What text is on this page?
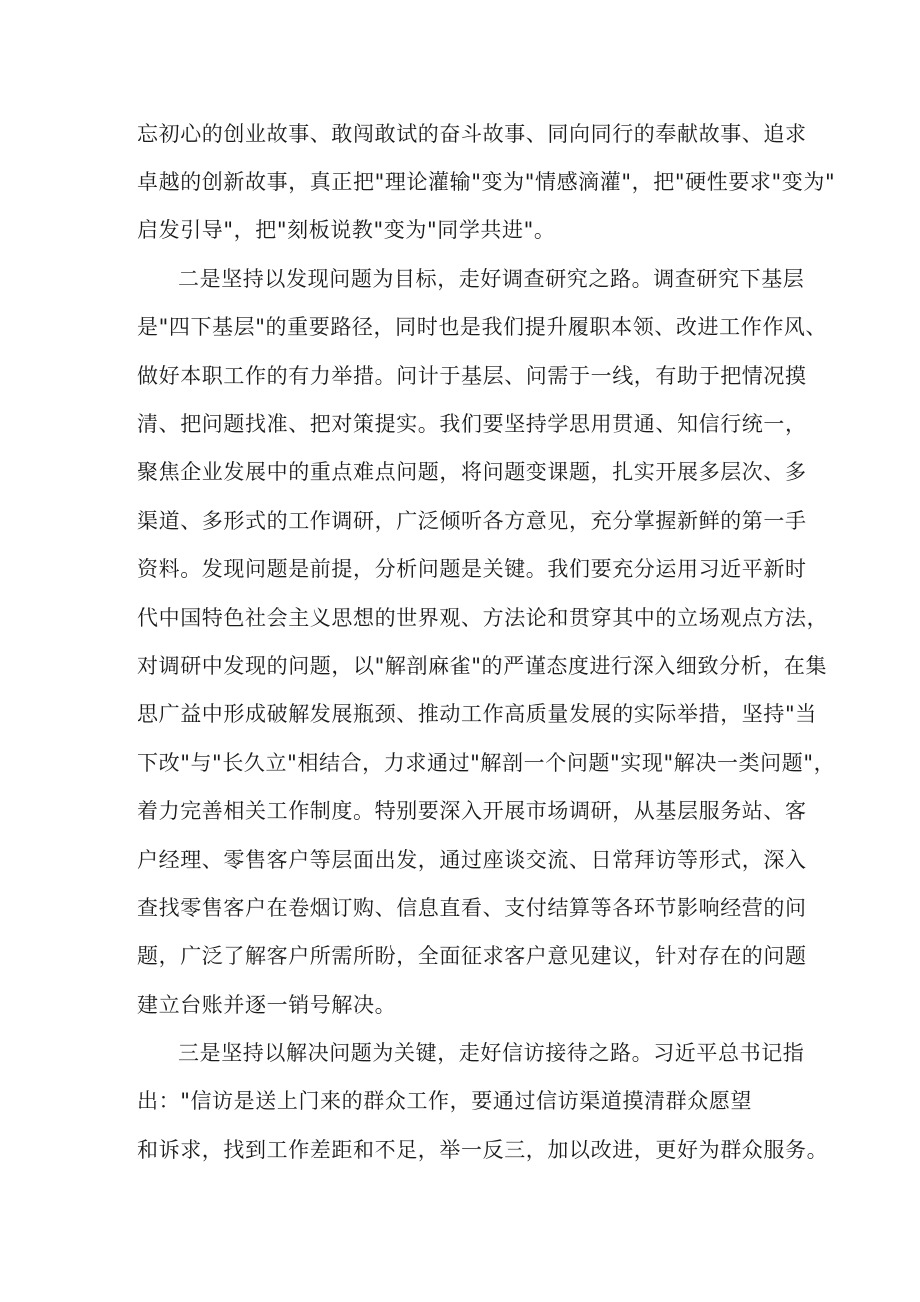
忘初心的创业故事、敢闯敢试的奋斗故事、同向同行的奉献故事、追求
卓越的创新故事，真正把"理论灌输"变为"情感滴灌"，把"硬性要求"变为"
启发引导"，把"刻板说教"变为"同学共进"。
二是坚持以发现问题为目标，走好调查研究之路。调查研究下基层
是"四下基层"的重要路径，同时也是我们提升履职本领、改进工作作风、
做好本职工作的有力举措。问计于基层、问需于一线，有助于把情况摸
清、把问题找准、把对策提实。我们要坚持学思用贯通、知信行统一，
聚焦企业发展中的重点难点问题，将问题变课题，扎实开展多层次、多
渠道、多形式的工作调研，广泛倾听各方意见，充分掌握新鲜的第一手
资料。发现问题是前提，分析问题是关键。我们要充分运用习近平新时
代中国特色社会主义思想的世界观、方法论和贯穿其中的立场观点方法，
对调研中发现的问题，以"解剖麻雀"的严谨态度进行深入细致分析，在集
思广益中形成破解发展瓶颈、推动工作高质量发展的实际举措，坚持"当
下改"与"长久立"相结合，力求通过"解剖一个问题"实现"解决一类问题"，
着力完善相关工作制度。特别要深入开展市场调研，从基层服务站、客
户经理、零售客户等层面出发，通过座谈交流、日常拜访等形式，深入
查找零售客户在卷烟订购、信息直看、支付结算等各环节影响经营的问
题，广泛了解客户所需所盼，全面征求客户意见建议，针对存在的问题
建立台账并逐一销号解决。
三是坚持以解决问题为关键，走好信访接待之路。习近平总书记指
出："信访是送上门来的群众工作，要通过信访渠道摸清群众愿望
和诉求，找到工作差距和不足，举一反三，加以改进，更好为群众服务。
